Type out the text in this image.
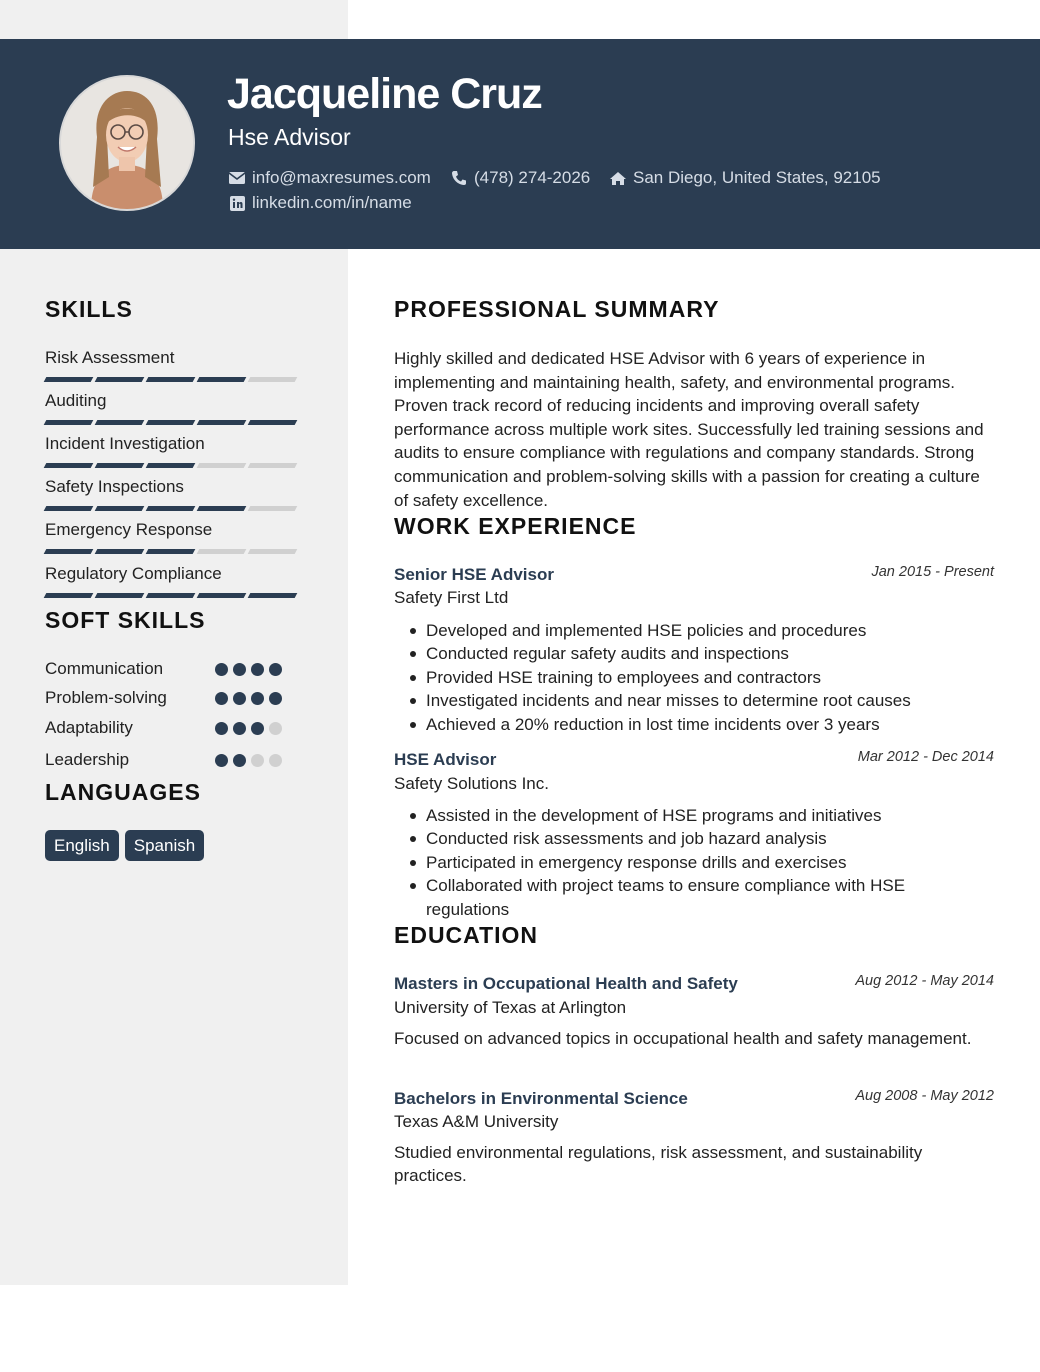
Jacqueline Cruz
Hse Advisor
info@maxresumes.com	(478) 274-2026	San Diego, United States, 92105
linkedin.com/in/name
SKILLS
Risk Assessment
Auditing
Incident Investigation
Safety Inspections
Emergency Response
Regulatory Compliance
SOFT SKILLS
Communication
Problem-solving
Adaptability
Leadership
LANGUAGES
English	Spanish
PROFESSIONAL SUMMARY
Highly skilled and dedicated HSE Advisor with 6 years of experience in implementing and maintaining health, safety, and environmental programs. Proven track record of reducing incidents and improving overall safety performance across multiple work sites. Successfully led training sessions and audits to ensure compliance with regulations and company standards. Strong communication and problem-solving skills with a passion for creating a culture of safety excellence.
WORK EXPERIENCE
Senior HSE Advisor	Jan 2015 - Present
Safety First Ltd
Developed and implemented HSE policies and procedures
Conducted regular safety audits and inspections
Provided HSE training to employees and contractors
Investigated incidents and near misses to determine root causes
Achieved a 20% reduction in lost time incidents over 3 years
HSE Advisor	Mar 2012 - Dec 2014
Safety Solutions Inc.
Assisted in the development of HSE programs and initiatives
Conducted risk assessments and job hazard analysis
Participated in emergency response drills and exercises
Collaborated with project teams to ensure compliance with HSE regulations
EDUCATION
Masters in Occupational Health and Safety	Aug 2012 - May 2014
University of Texas at Arlington
Focused on advanced topics in occupational health and safety management.
Bachelors in Environmental Science	Aug 2008 - May 2012
Texas A&M University
Studied environmental regulations, risk assessment, and sustainability practices.
